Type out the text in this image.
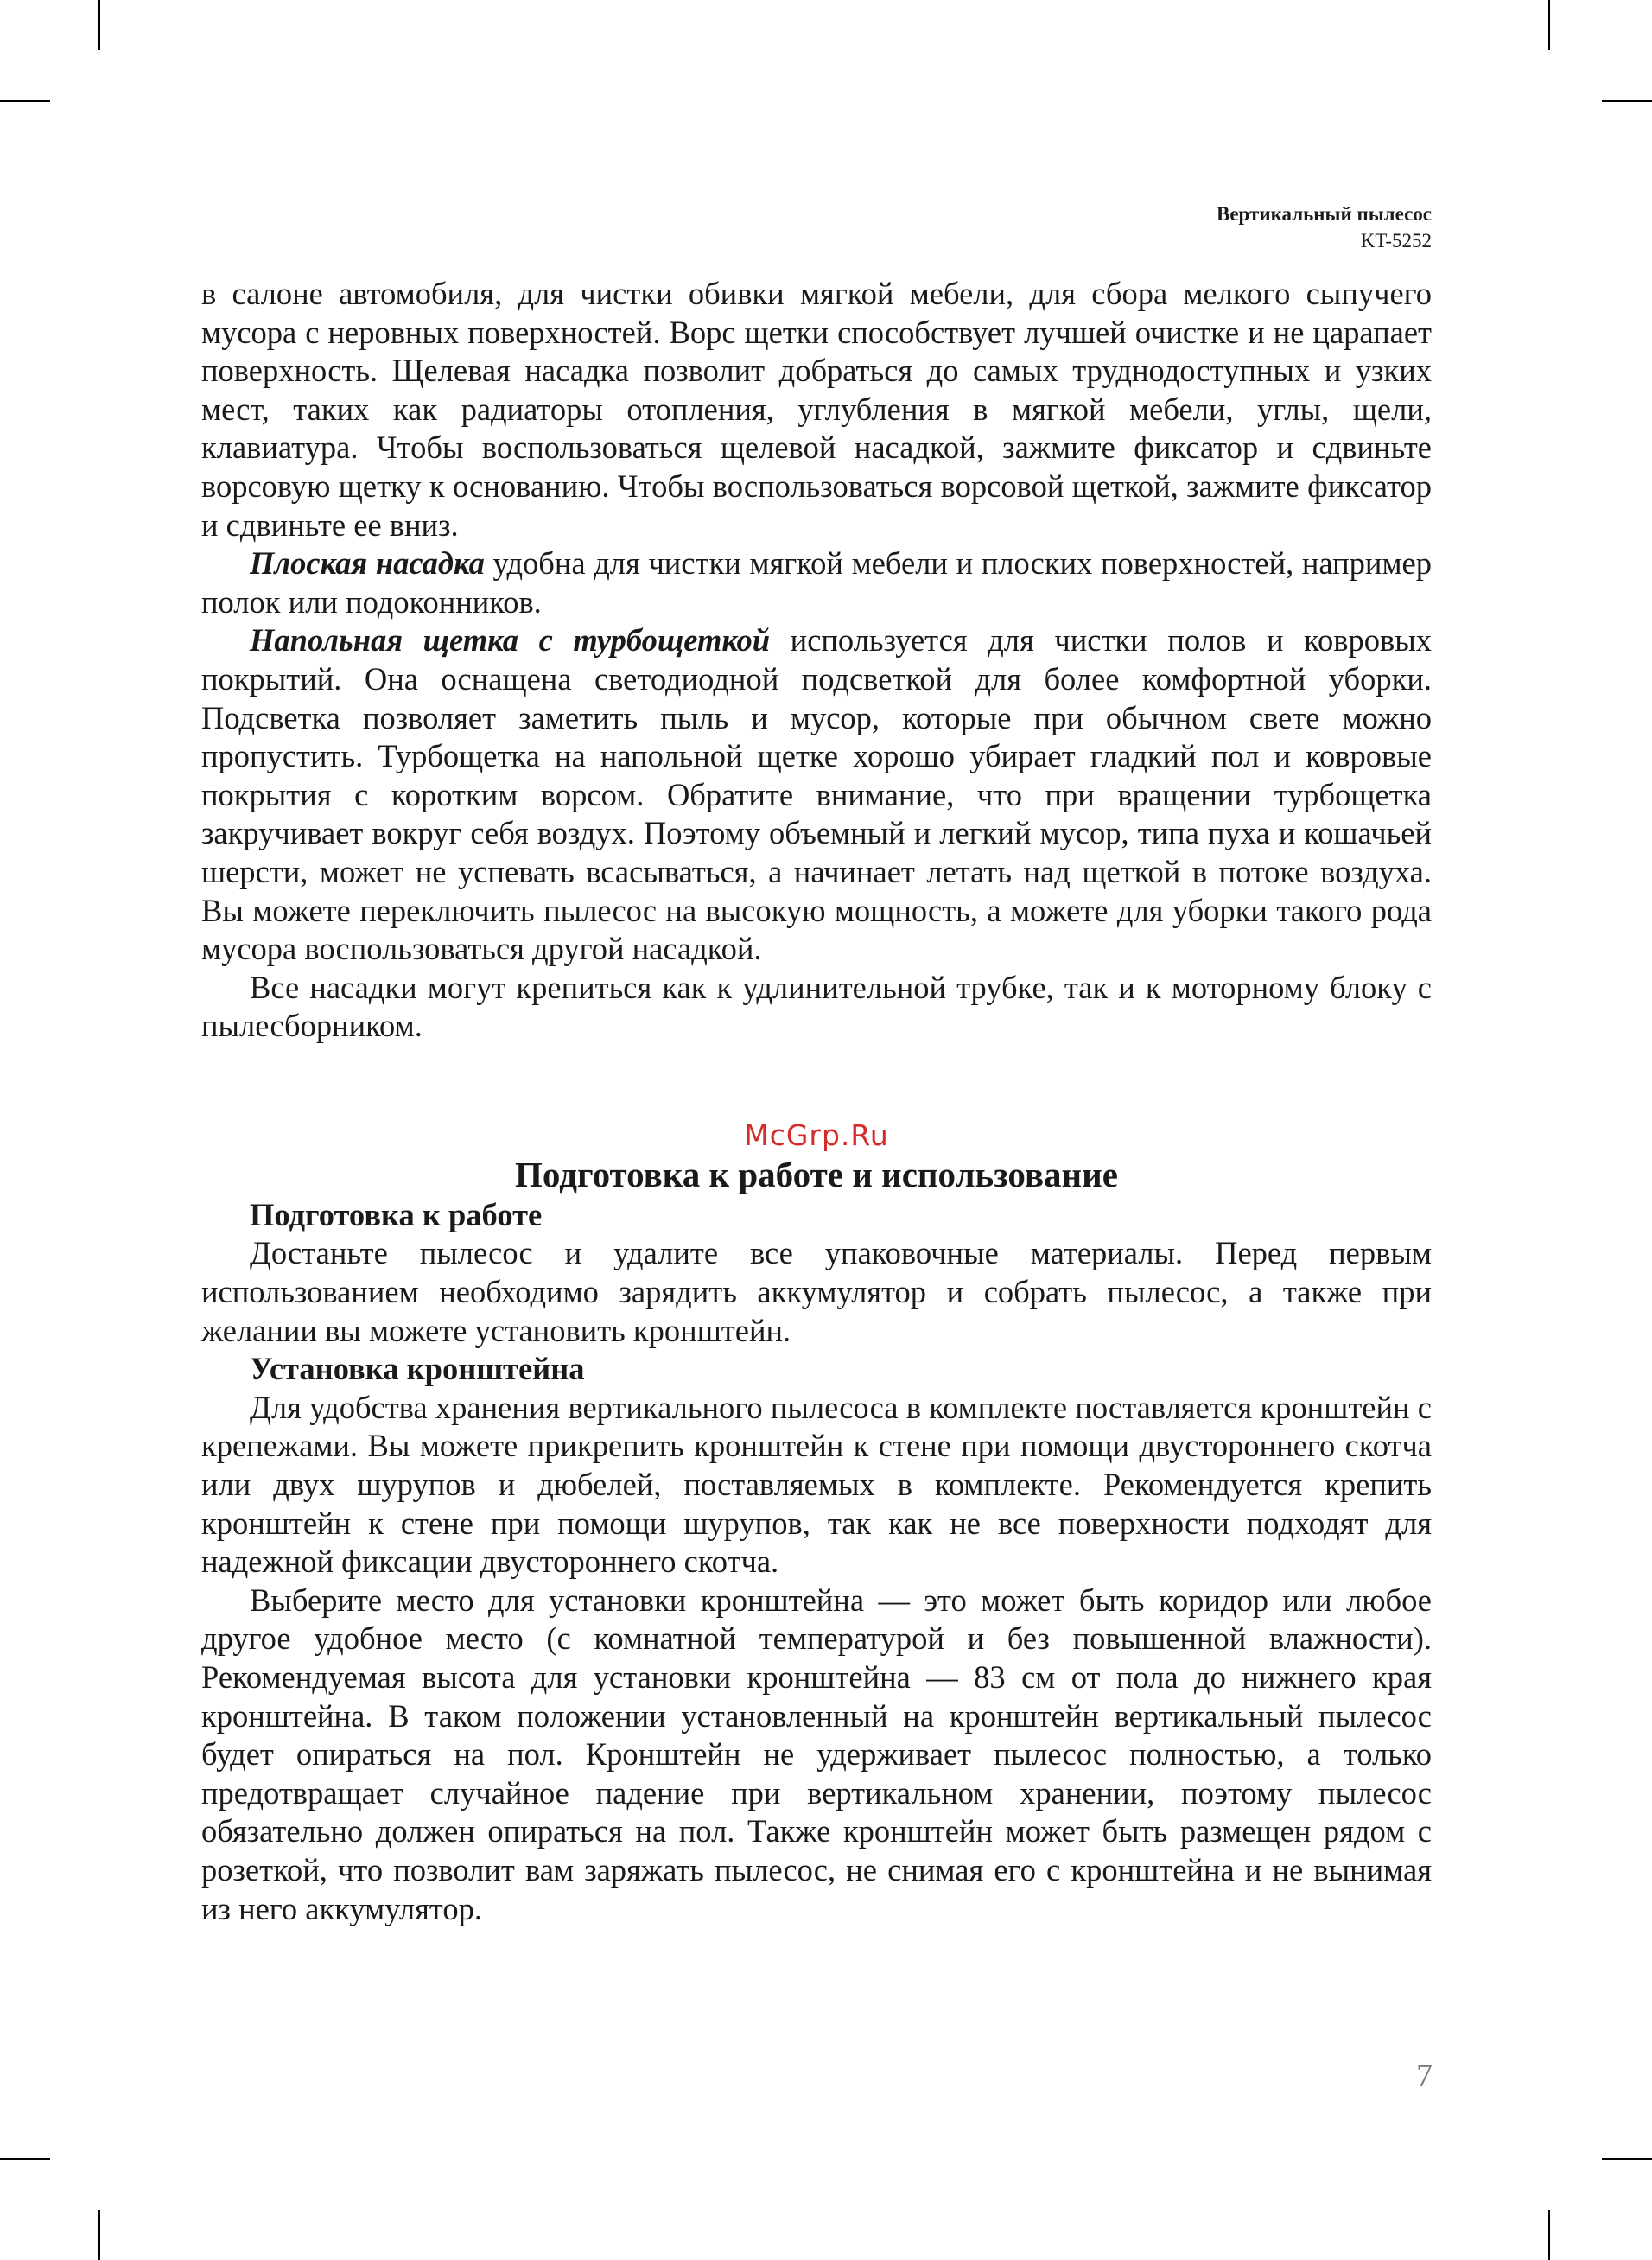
Вертикальный пылесос
KT-5252

в салоне автомобиля, для чистки обивки мягкой мебели, для сбора мелкого сыпучего мусора с неровных поверхностей. Ворс щетки способствует лучшей очистке и не царапает поверхность. Щелевая насадка позволит добраться до самых труднодоступных и узких мест, таких как радиаторы отопления, углубления в мягкой мебели, углы, щели, клавиатура. Чтобы воспользоваться щелевой насадкой, зажмите фиксатор и сдвиньте ворсовую щетку к основанию. Чтобы воспользоваться ворсовой щеткой, зажмите фиксатор и сдвиньте ее вниз.

Плоская насадка удобна для чистки мягкой мебели и плоских поверхностей, например полок или подоконников.

Напольная щетка с турбощеткой используется для чистки полов и ковровых покрытий. Она оснащена светодиодной подсветкой для более комфортной уборки. Подсветка позволяет заметить пыль и мусор, которые при обычном свете можно пропустить. Турбощетка на напольной щетке хорошо убирает гладкий пол и ковровые покрытия с коротким ворсом. Обратите внимание, что при вращении турбощетка закручивает вокруг себя воздух. Поэтому объемный и легкий мусор, типа пуха и кошачьей шерсти, может не успевать всасываться, а начинает летать над щеткой в потоке воздуха. Вы можете переключить пылесос на высокую мощность, а можете для уборки такого рода мусора воспользоваться другой насадкой.

Все насадки могут крепиться как к удлинительной трубке, так и к моторному блоку с пылесборником.

McGrp.Ru
Подготовка к работе и использование

Подготовка к работе

Достаньте пылесос и удалите все упаковочные материалы. Перед первым использованием необходимо зарядить аккумулятор и собрать пылесос, а также при желании вы можете установить кронштейн.

Установка кронштейна

Для удобства хранения вертикального пылесоса в комплекте поставляется кронштейн с крепежами. Вы можете прикрепить кронштейн к стене при помощи двустороннего скотча или двух шурупов и дюбелей, поставляемых в комплекте. Рекомендуется крепить кронштейн к стене при помощи шурупов, так как не все поверхности подходят для надежной фиксации двустороннего скотча.

Выберите место для установки кронштейна — это может быть коридор или любое другое удобное место (с комнатной температурой и без повышенной влажности). Рекомендуемая высота для установки кронштейна — 83 см от пола до нижнего края кронштейна. В таком положении установленный на кронштейн вертикальный пылесос будет опираться на пол. Кронштейн не удерживает пылесос полностью, а только предотвращает случайное падение при вертикальном хранении, поэтому пылесос обязательно должен опираться на пол. Также кронштейн может быть размещен рядом с розеткой, что позволит вам заряжать пылесос, не снимая его с кронштейна и не вынимая из него аккумулятор.

7
